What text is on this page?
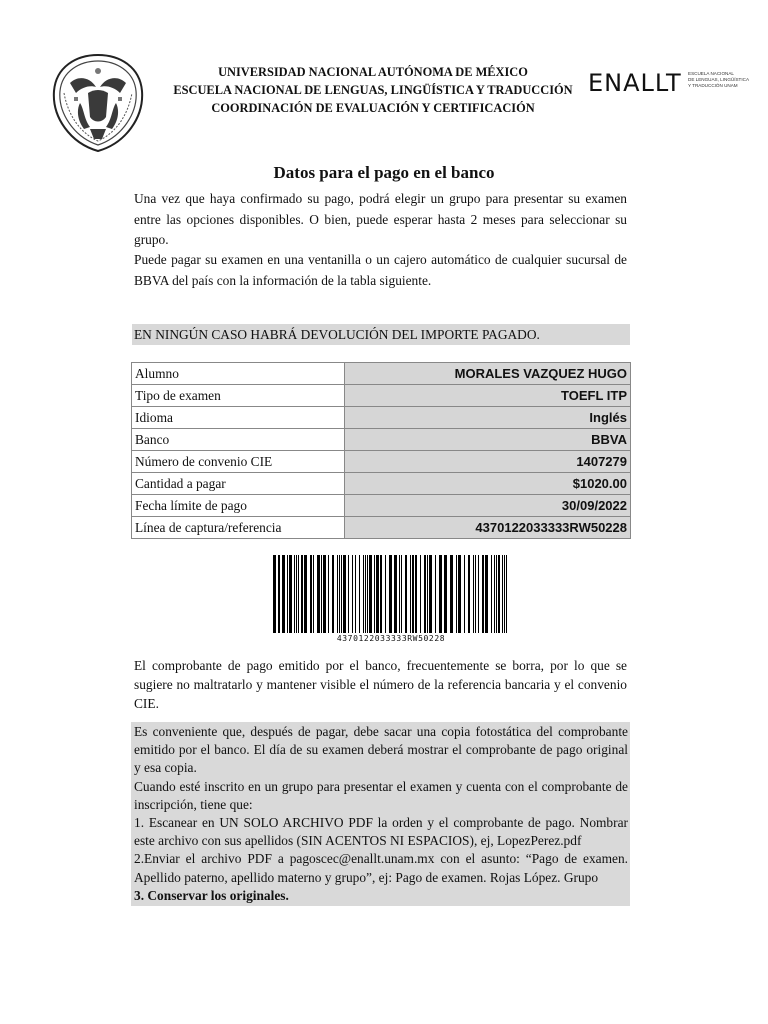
UNIVERSIDAD NACIONAL AUTÓNOMA DE MÉXICO
ESCUELA NACIONAL DE LENGUAS, LINGÜÍSTICA Y TRADUCCIÓN
COORDINACIÓN DE EVALUACIÓN Y CERTIFICACIÓN
ENALLT ESCUELA NACIONAL
DE LENGUAS, LINGÜÍSTICA
Y TRADUCCIÓN UNAM
Datos para el pago en el banco

Una vez que haya confirmado su pago, podrá elegir un grupo para presentar su examen entre las opciones disponibles. O bien, puede esperar hasta 2 meses para seleccionar su grupo.

Puede pagar su examen en una ventanilla o un cajero automático de cualquier sucursal de BBVA del país con la información de la tabla siguiente.

EN NINGÚN CASO HABRÁ DEVOLUCIÓN DEL IMPORTE PAGADO.
Alumno	MORALES VAZQUEZ HUGO
Tipo de examen	TOEFL ITP
Idioma	Inglés
Banco	BBVA
Número de convenio CIE	1407279
Cantidad a pagar	$1020.00
Fecha límite de pago	30/09/2022
Línea de captura/referencia	4370122033333RW50228
4370122033333RW50228

El comprobante de pago emitido por el banco, frecuentemente se borra, por lo que se sugiere no maltratarlo y mantener visible el número de la referencia bancaria y el convenio CIE.

Es conveniente que, después de pagar, debe sacar una copia fotostática del comprobante emitido por el banco. El día de su examen deberá mostrar el comprobante de pago original y esa copia.

Cuando esté inscrito en un grupo para presentar el examen y cuenta con el comprobante de inscripción, tiene que:

1. Escanear en UN SOLO ARCHIVO PDF la orden y el comprobante de pago. Nombrar este archivo con sus apellidos (SIN ACENTOS NI ESPACIOS), ej, LopezPerez.pdf

2.Enviar el archivo PDF a pagoscec@enallt.unam.mx con el asunto: “Pago de examen. Apellido paterno, apellido materno y grupo”, ej: Pago de examen. Rojas López. Grupo

3. Conservar los originales.
